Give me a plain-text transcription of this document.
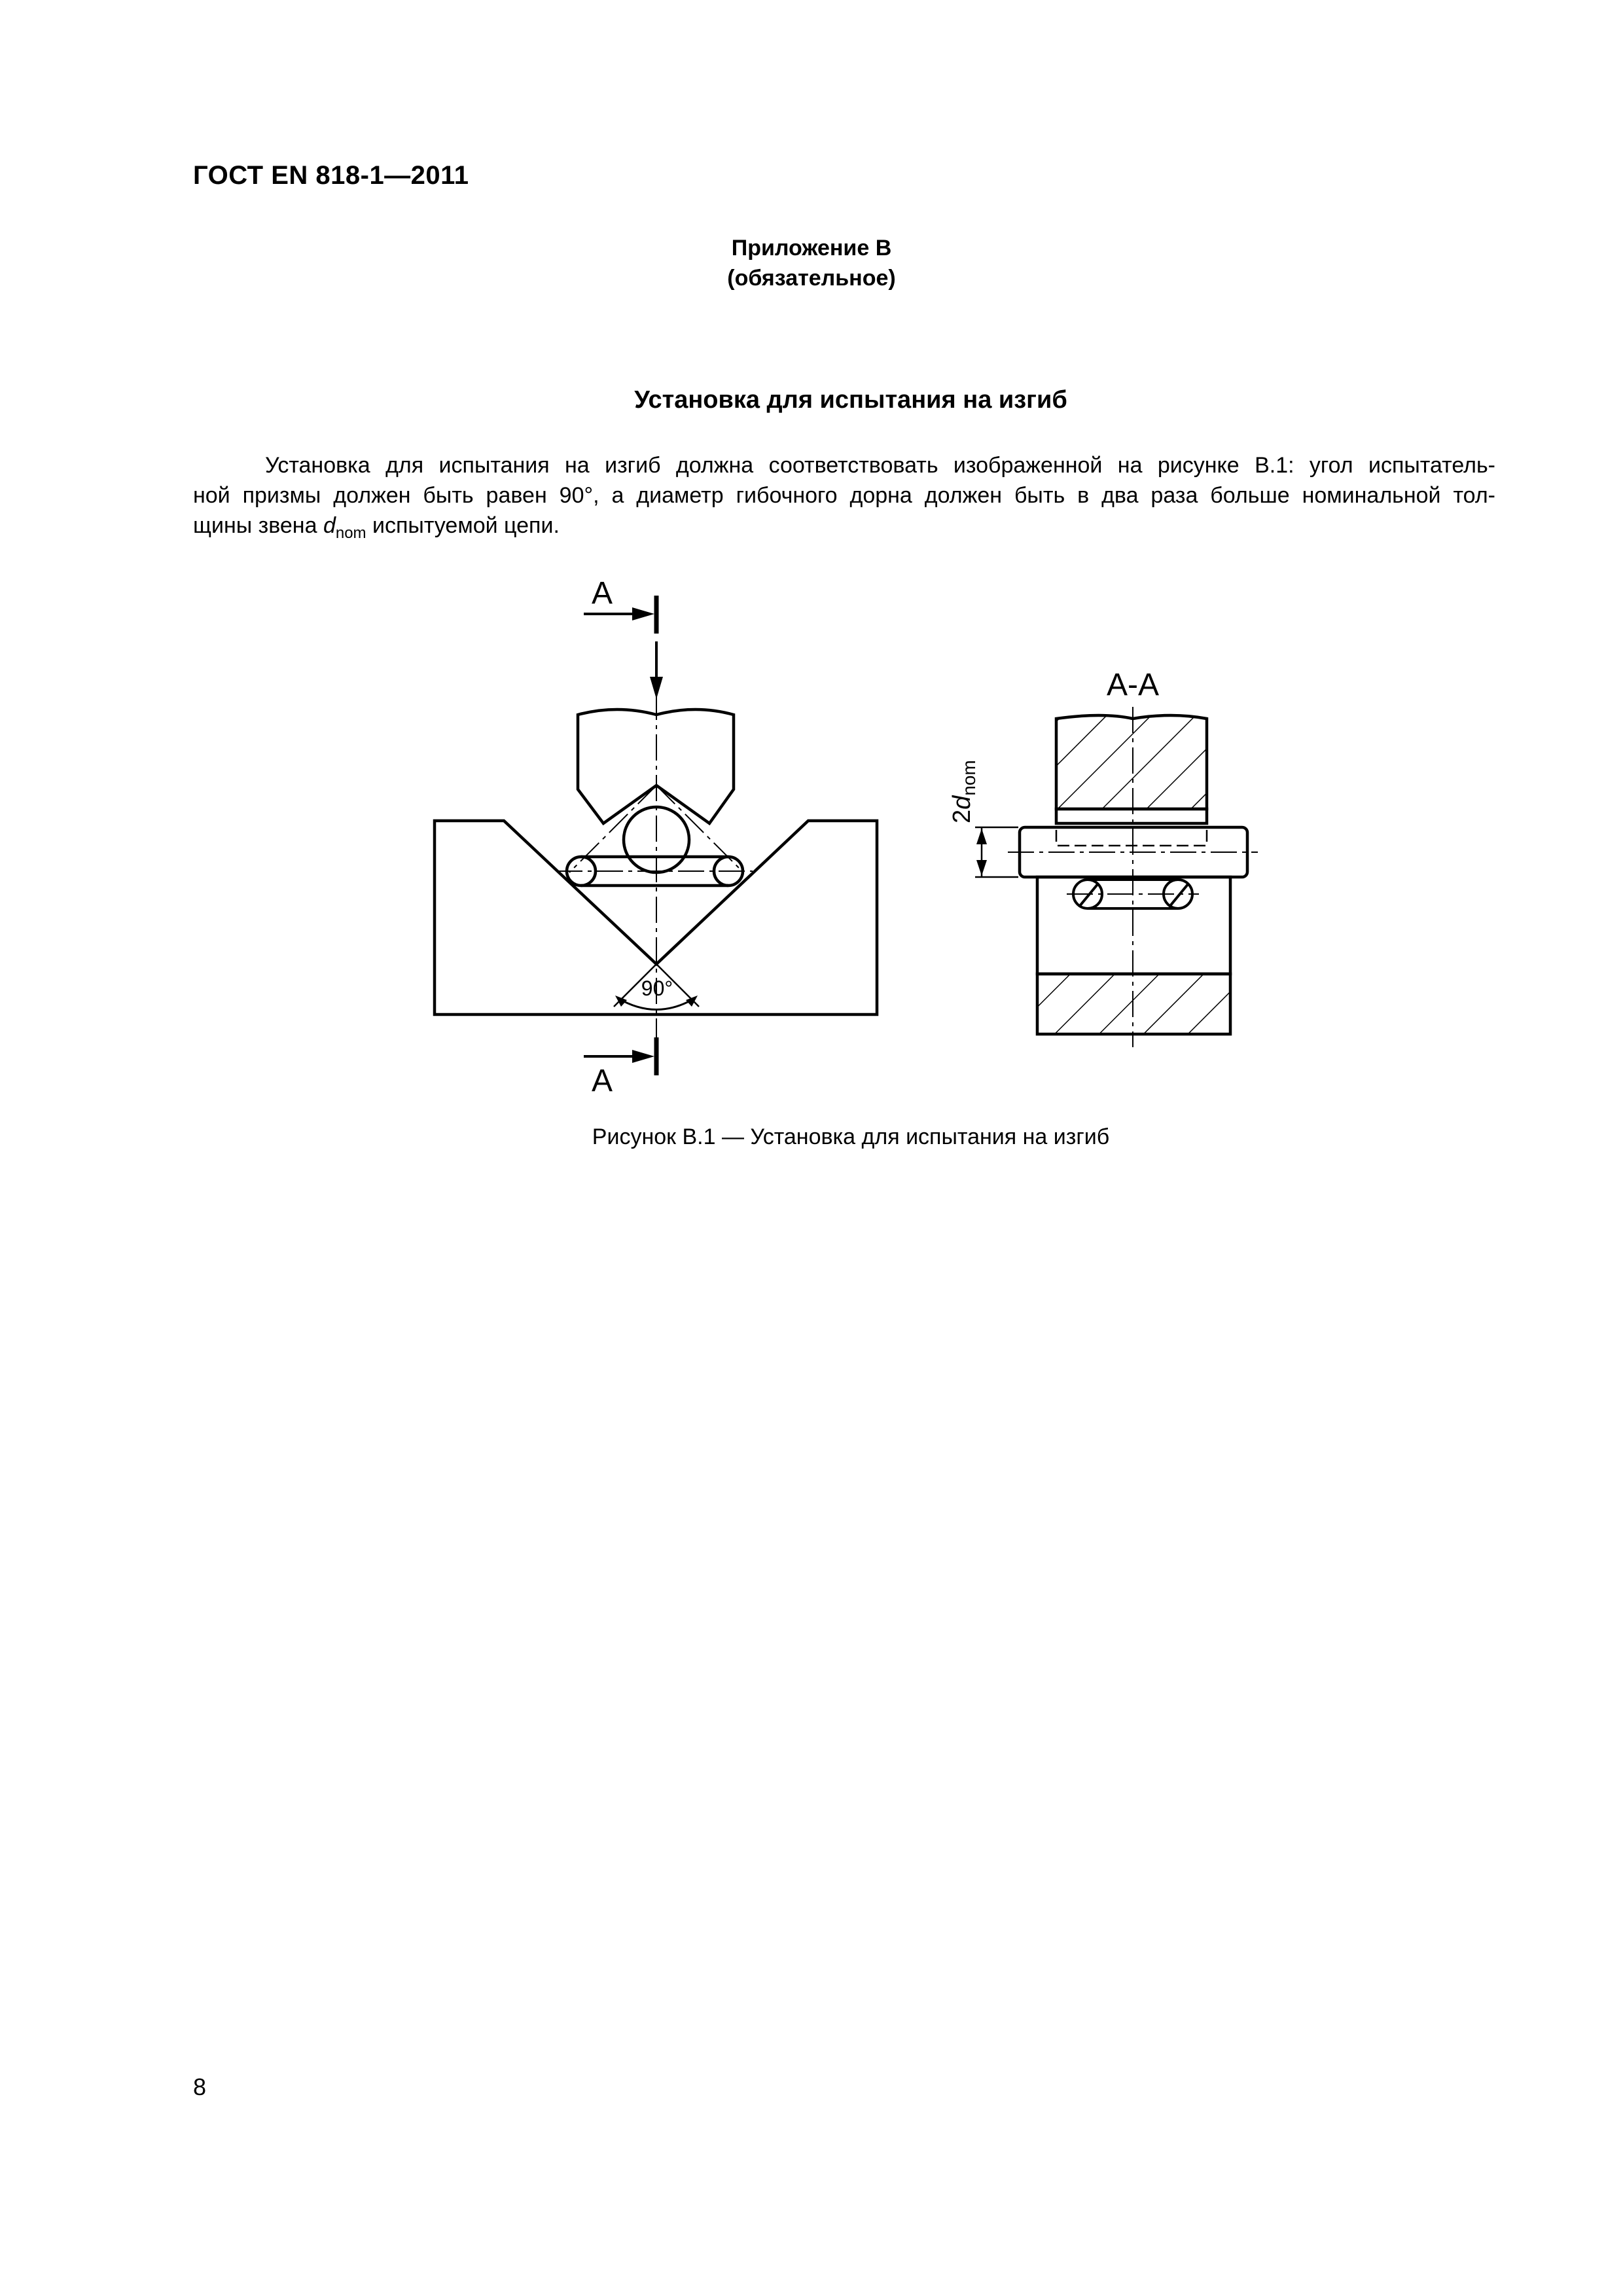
ГОСТ EN 818-1—2011
Приложение В
(обязательное)
Установка для испытания на изгиб
Установка для испытания на изгиб должна соответствовать изображенной на рисунке В.1: угол испытатель-
ной призмы должен быть равен 90°, а диаметр гибочного дорна должен быть в два раза больше номинальной тол-
щины звена $d_{nom}$ испытуемой цепи.
А
90°
А
А-А
$2d_{nom}$
Рисунок В.1 — Установка для испытания на изгиб
8
